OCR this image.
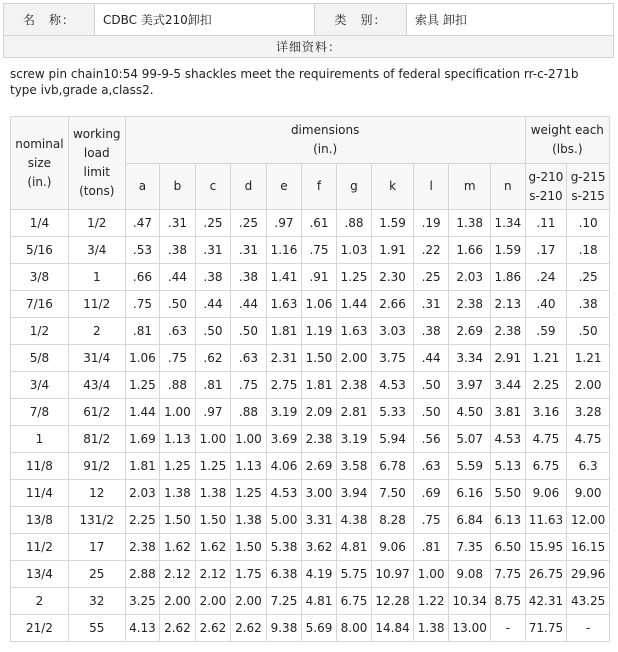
名　称：	CDBC 美式210卸扣	类　别：	索具 卸扣
详细资料：
screw pin chain10:54 99-9-5 shackles meet the requirements of federal specification rr-c-271b type ivb,grade a,class2.
nominal
size
(in.)	working
load
limit
(tons)	dimensions
(in.)											weight each
(lbs.)	
		a	b	c	d	e	f	g	k	l	m	n	g-210
s-210	g-215
s-215
1/4	1/2	.47	.31	.25	.25	.97	.61	.88	1.59	.19	1.38	1.34	.11	.10
5/16	3/4	.53	.38	.31	.31	1.16	.75	1.03	1.91	.22	1.66	1.59	.17	.18
3/8	1	.66	.44	.38	.38	1.41	.91	1.25	2.30	.25	2.03	1.86	.24	.25
7/16	11/2	.75	.50	.44	.44	1.63	1.06	1.44	2.66	.31	2.38	2.13	.40	.38
1/2	2	.81	.63	.50	.50	1.81	1.19	1.63	3.03	.38	2.69	2.38	.59	.50
5/8	31/4	1.06	.75	.62	.63	2.31	1.50	2.00	3.75	.44	3.34	2.91	1.21	1.21
3/4	43/4	1.25	.88	.81	.75	2.75	1.81	2.38	4.53	.50	3.97	3.44	2.25	2.00
7/8	61/2	1.44	1.00	.97	.88	3.19	2.09	2.81	5.33	.50	4.50	3.81	3.16	3.28
1	81/2	1.69	1.13	1.00	1.00	3.69	2.38	3.19	5.94	.56	5.07	4.53	4.75	4.75
11/8	91/2	1.81	1.25	1.25	1.13	4.06	2.69	3.58	6.78	.63	5.59	5.13	6.75	6.3
11/4	12	2.03	1.38	1.38	1.25	4.53	3.00	3.94	7.50	.69	6.16	5.50	9.06	9.00
13/8	131/2	2.25	1.50	1.50	1.38	5.00	3.31	4.38	8.28	.75	6.84	6.13	11.63	12.00
11/2	17	2.38	1.62	1.62	1.50	5.38	3.62	4.81	9.06	.81	7.35	6.50	15.95	16.15
13/4	25	2.88	2.12	2.12	1.75	6.38	4.19	5.75	10.97	1.00	9.08	7.75	26.75	29.96
2	32	3.25	2.00	2.00	2.00	7.25	4.81	6.75	12.28	1.22	10.34	8.75	42.31	43.25
21/2	55	4.13	2.62	2.62	2.62	9.38	5.69	8.00	14.84	1.38	13.00	-	71.75	-
